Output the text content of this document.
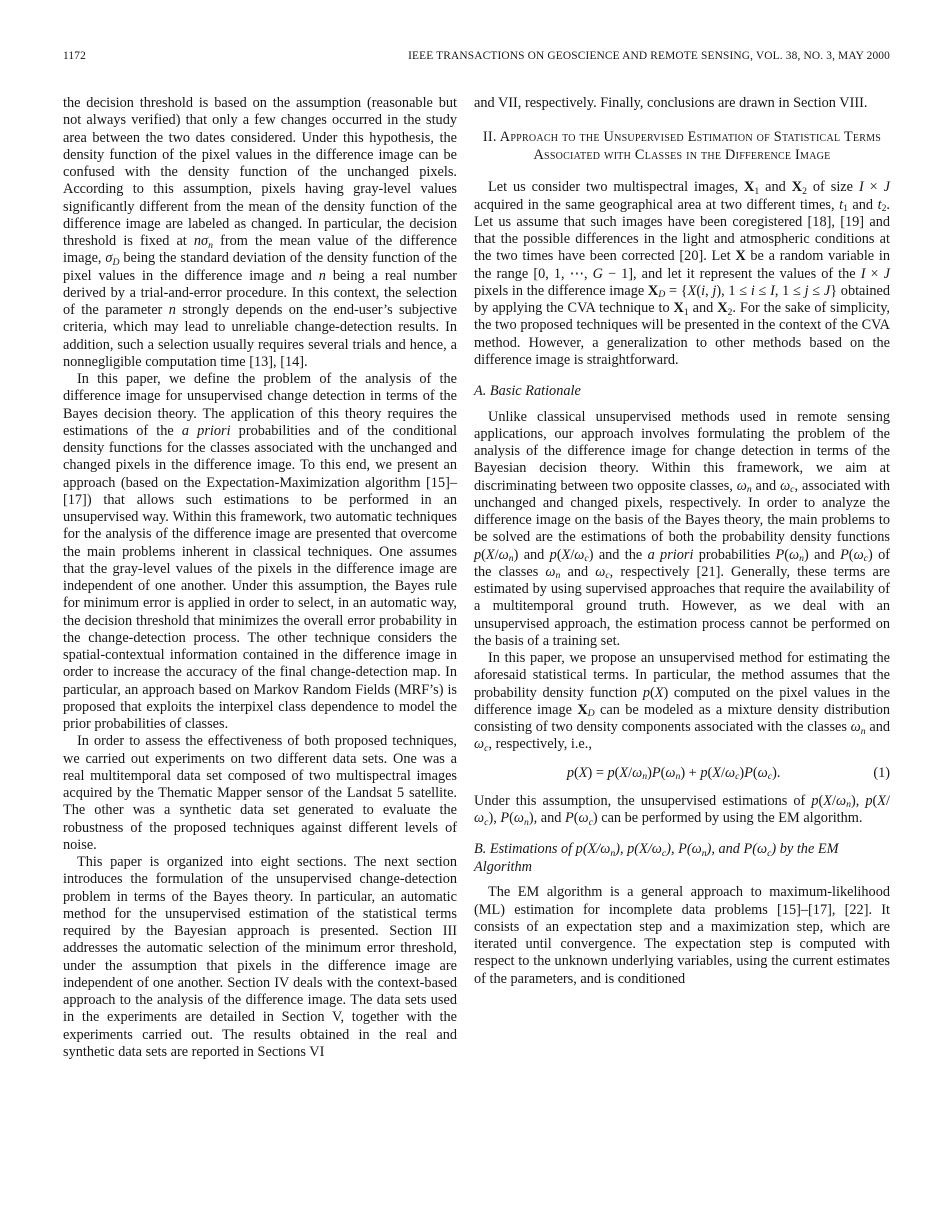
1172	IEEE TRANSACTIONS ON GEOSCIENCE AND REMOTE SENSING, VOL. 38, NO. 3, MAY 2000

the decision threshold is based on the assumption (reasonable but not always verified) that only a few changes occurred in the study area between the two dates considered. Under this hypothesis, the density function of the pixel values in the difference image can be confused with the density function of the unchanged pixels. According to this assumption, pixels having gray-level values significantly different from the mean of the density function of the difference image are labeled as changed. In particular, the decision threshold is fixed at $n\sigma_n$ from the mean value of the difference image, $\sigma_D$ being the standard deviation of the density function of the pixel values in the difference image and n being a real number derived by a trial-and-error procedure. In this context, the selection of the parameter n strongly depends on the end-user’s subjective criteria, which may lead to unreliable change-detection results. In addition, such a selection usually requires several trials and hence, a nonnegligible computation time [13], [14].

In this paper, we define the problem of the analysis of the difference image for unsupervised change detection in terms of the Bayes decision theory. The application of this theory requires the estimations of the a priori probabilities and of the conditional density functions for the classes associated with the unchanged and changed pixels in the difference image. To this end, we present an approach (based on the Expectation-Maximization algorithm [15]–[17]) that allows such estimations to be performed in an unsupervised way. Within this framework, two automatic techniques for the analysis of the difference image are presented that overcome the main problems inherent in classical techniques. One assumes that the gray-level values of the pixels in the difference image are independent of one another. Under this assumption, the Bayes rule for minimum error is applied in order to select, in an automatic way, the decision threshold that minimizes the overall error probability in the change-detection process. The other technique considers the spatial-contextual information contained in the difference image in order to increase the accuracy of the final change-detection map. In particular, an approach based on Markov Random Fields (MRF’s) is proposed that exploits the interpixel class dependence to model the prior probabilities of classes.

In order to assess the effectiveness of both proposed techniques, we carried out experiments on two different data sets. One was a real multitemporal data set composed of two multispectral images acquired by the Thematic Mapper sensor of the Landsat 5 satellite. The other was a synthetic data set generated to evaluate the robustness of the proposed techniques against different levels of noise.

This paper is organized into eight sections. The next section introduces the formulation of the unsupervised change-detection problem in terms of the Bayes theory. In particular, an automatic method for the unsupervised estimation of the statistical terms required by the Bayesian approach is presented. Section III addresses the automatic selection of the minimum error threshold, under the assumption that pixels in the difference image are independent of one another. Section IV deals with the context-based approach to the analysis of the difference image. The data sets used in the experiments are detailed in Section V, together with the experiments carried out. The results obtained in the real and synthetic data sets are reported in Sections VI

and VII, respectively. Finally, conclusions are drawn in Section VIII.

II. Approach to the Unsupervised Estimation of Statistical Terms Associated with Classes in the Difference Image

Let us consider two multispectral images, $X_1$ and $X_2$ of size I × J acquired in the same geographical area at two different times, $t_1$ and $t_2$. Let us assume that such images have been coregistered [18], [19] and that the possible differences in the light and atmospheric conditions at the two times have been corrected [20]. Let X be a random variable in the range [0, 1, ⋯, G − 1], and let it represent the values of the I × J pixels in the difference image $X_D = \{X(i$, j), 1 ≤ i ≤ I, 1 ≤ j ≤ J} obtained by applying the CVA technique to $X_1$ and $X_2$. For the sake of simplicity, the two proposed techniques will be presented in the context of the CVA method. However, a generalization to other methods based on the difference image is straightforward.

A. Basic Rationale

Unlike classical unsupervised methods used in remote sensing applications, our approach involves formulating the problem of the analysis of the difference image for change detection in terms of the Bayesian decision theory. Within this framework, we aim at discriminating between two opposite classes, $\omega_n$ and $\omega_c$, associated with unchanged and changed pixels, respectively. In order to analyze the difference image on the basis of the Bayes theory, the main problems to be solved are the estimations of both the probability density functions $p(X/\omega_n)$ and $p(X/\omega_c)$ and the a priori probabilities $P(\omega_n)$ and $P(\omega_c)$ of the classes $\omega_n$ and $\omega_c$, respectively [21]. Generally, these terms are estimated by using supervised approaches that require the availability of a multitemporal ground truth. However, as we deal with an unsupervised approach, the estimation process cannot be performed on the basis of a training set.

In this paper, we propose an unsupervised method for estimating the aforesaid statistical terms. In particular, the method assumes that the probability density function p(X) computed on the pixel values in the difference image $X_D$ can be modeled as a mixture density distribution consisting of two density components associated with the classes $\omega_n$ and $\omega_c$, respectively, i.e.,

$p(X) = p(X/\omega_n)P(\omega_n) + p(X/\omega_c)P(\omega_c)$.	(1)

Under this assumption, the unsupervised estimations of $p(X/\omega_n)$, $p(X/\omega_c)$, $P(\omega_n)$, and $P(\omega_c)$ can be performed by using the EM algorithm.

B. Estimations of $p(X/\omega_n)$, $p(X/\omega_c)$, $P(\omega_n)$, and $P(\omega_c)$ by the EM Algorithm

The EM algorithm is a general approach to maximum-likelihood (ML) estimation for incomplete data problems [15]–[17], [22]. It consists of an expectation step and a maximization step, which are iterated until convergence. The expectation step is computed with respect to the unknown underlying variables, using the current estimates of the parameters, and is conditioned
